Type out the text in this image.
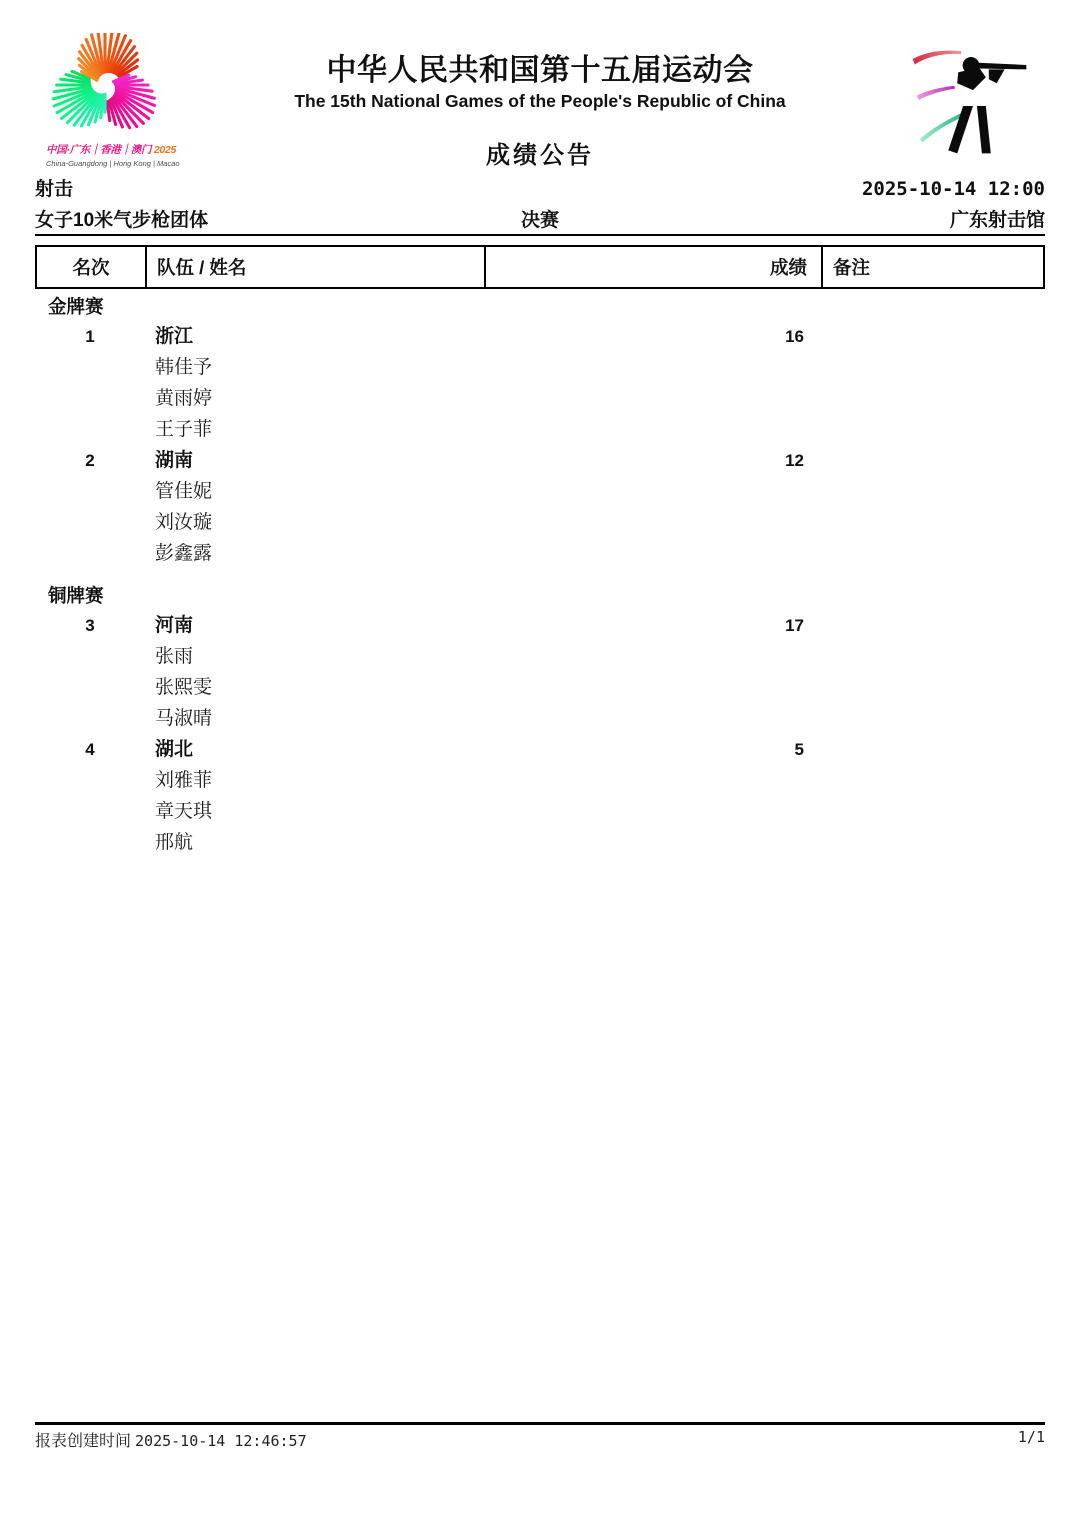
中国·广东｜香港｜澳门 2025
China-Guangdong | Hong Kong | Macao
中华人民共和国第十五届运动会
The 15th National Games of the People's Republic of China
成绩公告
射击	2025-10-14 12:00
女子10米气步枪团体	决赛	广东射击馆
名次	队伍 / 姓名	成绩	备注
金牌赛
1	浙江	16
韩佳予
黄雨婷
王子菲
2	湖南	12
管佳妮
刘汝璇
彭鑫露
铜牌赛
3	河南	17
张雨
张熙雯
马淑晴
4	湖北	5
刘雅菲
章天琪
邢航
报表创建时间 2025-10-14 12:46:57	1/1
